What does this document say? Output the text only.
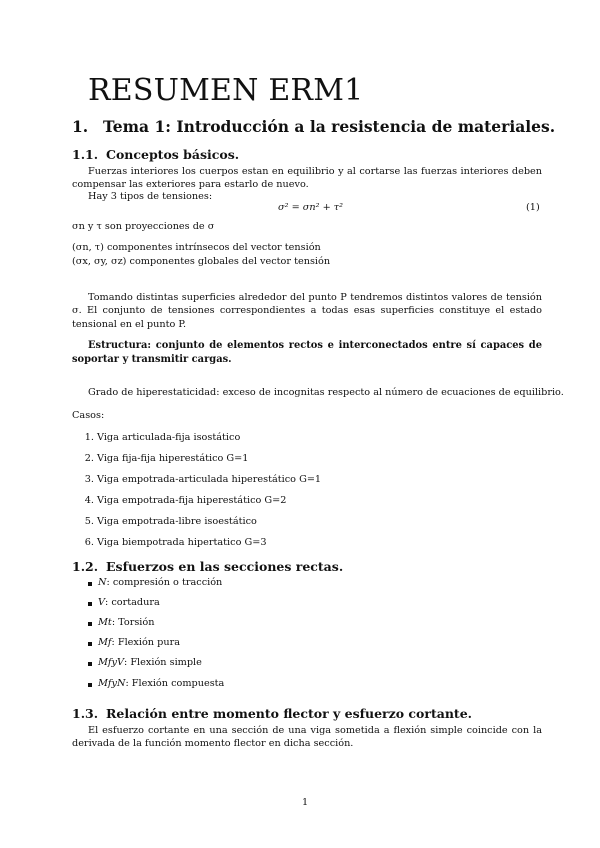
RESUMEN ERM1
1. Tema 1: Introducción a la resistencia de materiales.
1.1. Conceptos básicos.
Fuerzas interiores los cuerpos estan en equilibrio y al cortarse las fuerzas interiores deben compensar las exteriores para estarlo de nuevo.
Hay 3 tipos de tensiones:
σ² = σn² + τ²	(1)
σn y τ son proyecciones de σ
(σn, τ) componentes intrínsecos del vector tensión
(σx, σy, σz) componentes globales del vector tensión
Tomando distintas superficies alrededor del punto P tendremos distintos valores de tensión σ. El conjunto de tensiones correspondientes a todas esas superficies constituye el estado tensional en el punto P.
Estructura: conjunto de elementos rectos e interconectados entre sí capaces de soportar y transmitir cargas.
Grado de hiperestaticidad: exceso de incognitas respecto al número de ecuaciones de equilibrio.
Casos:
1. Viga articulada-fija isostático
2. Viga fija-fija hiperestático G=1
3. Viga empotrada-articulada hiperestático G=1
4. Viga empotrada-fija hiperestático G=2
5. Viga empotrada-libre isoestático
6. Viga biempotrada hipertatico G=3
1.2. Esfuerzos en las secciones rectas.
N: compresión o tracción
V: cortadura
Mt: Torsión
Mf: Flexión pura
MfyV: Flexión simple
MfyN: Flexión compuesta
1.3. Relación entre momento flector y esfuerzo cortante.
El esfuerzo cortante en una sección de una viga sometida a flexión simple coincide con la derivada de la función momento flector en dicha sección.
1
